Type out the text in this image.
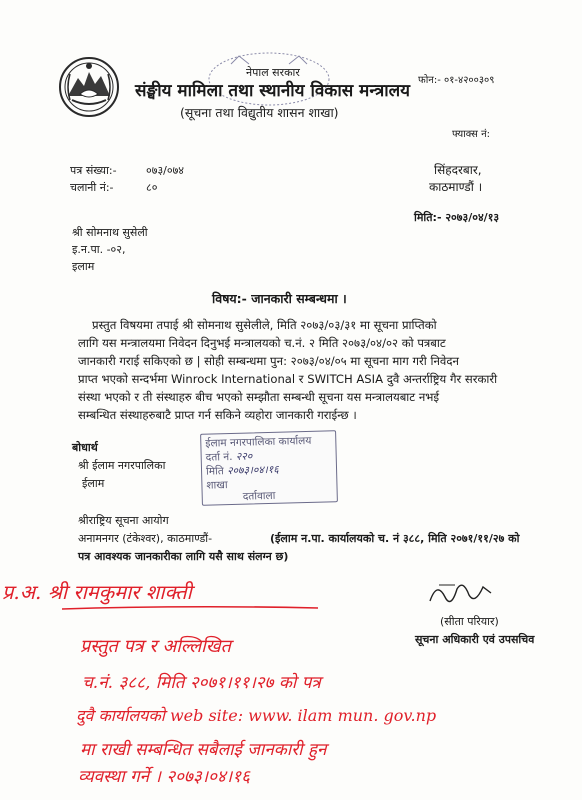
नेपाल सरकार
संङ्घीय मामिला तथा स्थानीय विकास मन्त्रालय
(सूचना तथा विद्युतीय शासन शाखा)
फोन:- ०१-४२००३०९
फ्याक्स नं:
पत्र संख्या:-	०७३/०७४
चलानी नं:-	८०
सिंहदरबार,
काठमाण्डौं ।
मिति:- २०७३/०४/१३
श्री सोमनाथ सुसेली
इ.न.पा. -०२,
इलाम
विषय:- जानकारी सम्बन्धमा ।
प्रस्तुत विषयमा तपाई श्री सोमनाथ सुसेलीले, मिति २०७३/०३/३१ मा सूचना प्राप्तिको
लागि यस मन्त्रालयमा निवेदन दिनुभई मन्त्रालयको च.नं. २ मिति २०७३/०४/०२ को पत्रबाट
जानकारी गराई सकिएको छ | सोही सम्बन्धमा पुन: २०७३/०४/०५ मा सूचना माग गरी निवेदन
प्राप्त भएको सन्दर्भमा Winrock International र SWITCH ASIA दुवै अन्तर्राष्ट्रिय गैर सरकारी
संस्था भएको र ती संस्थाहरु बीच भएको सम्झौता सम्बन्धी सूचना यस मन्त्रालयबाट नभई
सम्बन्धित संस्थाहरुबाटै प्राप्त गर्न सकिने व्यहोरा जानकारी गराईन्छ ।
बोधार्थ
श्री ईलाम नगरपालिका
ईलाम
ईलाम नगरपालिका कार्यालय
दर्ता नं. २२०
मिति २०७३।०४।१६
शाखा
दर्तावाला
श्रीराष्ट्रिय सूचना आयोग
अनामनगर (टंकेश्वर), काठमाण्डौं-	(ईलाम न.पा. कार्यालयको च. नं ३८८, मिति २०७१/११/२७ को
पत्र आवश्यक जानकारीका लागि यसै साथ संलग्न छ)
(सीता परियार)
सूचना अधिकारी एवं उपसचिव
प्र.अ. श्री रामकुमार शाक्ती
प्रस्तुत पत्र र अल्लिखित
च.नं. ३८८, मिति २०७१।११।२७ को पत्र
दुवै कार्यालयको web site: www. ilam mun. gov.np
मा राखी सम्बन्धित सबैलाई जानकारी हुन
व्यवस्था गर्ने । २०७३।०४।१६
